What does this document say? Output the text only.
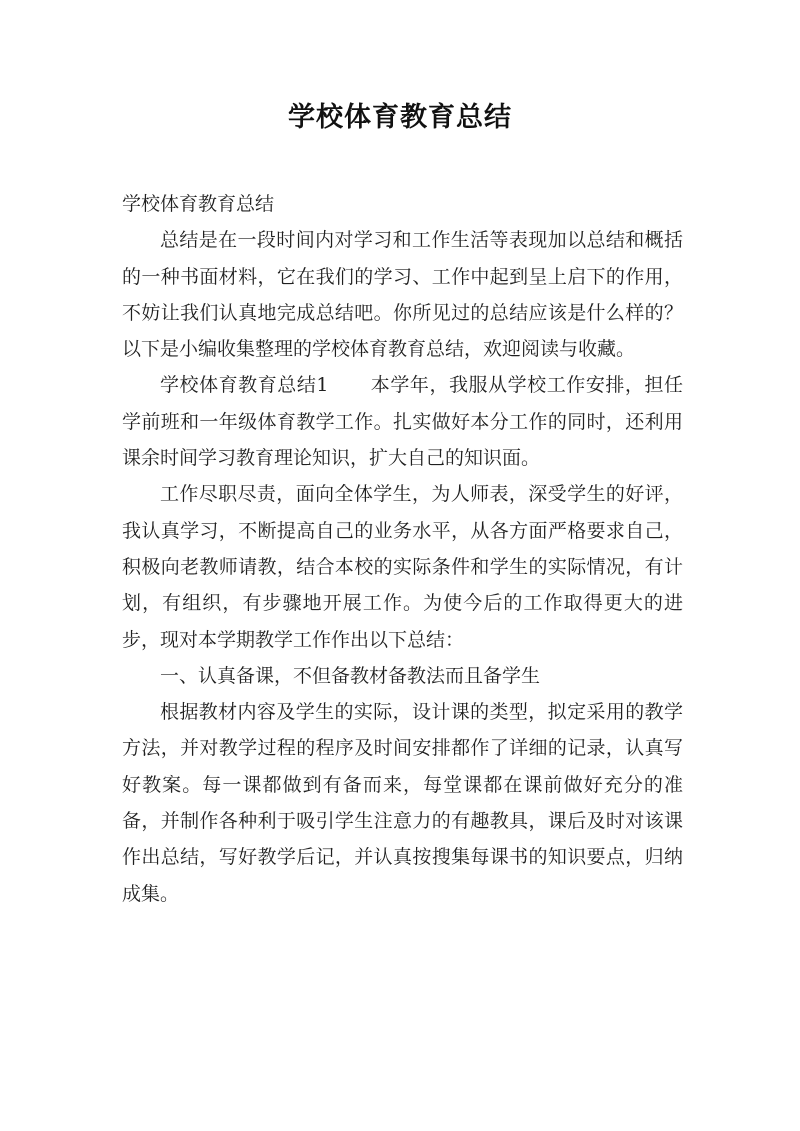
学校体育教育总结

学校体育教育总结

总结是在一段时间内对学习和工作生活等表现加以总结和概括的一种书面材料，它在我们的学习、工作中起到呈上启下的作用，不妨让我们认真地完成总结吧。你所见过的总结应该是什么样的？以下是小编收集整理的学校体育教育总结，欢迎阅读与收藏。

学校体育教育总结1 本学年，我服从学校工作安排，担任学前班和一年级体育教学工作。扎实做好本分工作的同时，还利用课余时间学习教育理论知识，扩大自己的知识面。

工作尽职尽责，面向全体学生，为人师表，深受学生的好评，我认真学习，不断提高自己的业务水平，从各方面严格要求自己，积极向老教师请教，结合本校的实际条件和学生的实际情况，有计划，有组织，有步骤地开展工作。为使今后的工作取得更大的进步，现对本学期教学工作作出以下总结：

一、认真备课，不但备教材备教法而且备学生

根据教材内容及学生的实际，设计课的类型，拟定采用的教学方法，并对教学过程的程序及时间安排都作了详细的记录，认真写好教案。每一课都做到有备而来，每堂课都在课前做好充分的准备，并制作各种利于吸引学生注意力的有趣教具，课后及时对该课作出总结，写好教学后记，并认真按搜集每课书的知识要点，归纳成集。
